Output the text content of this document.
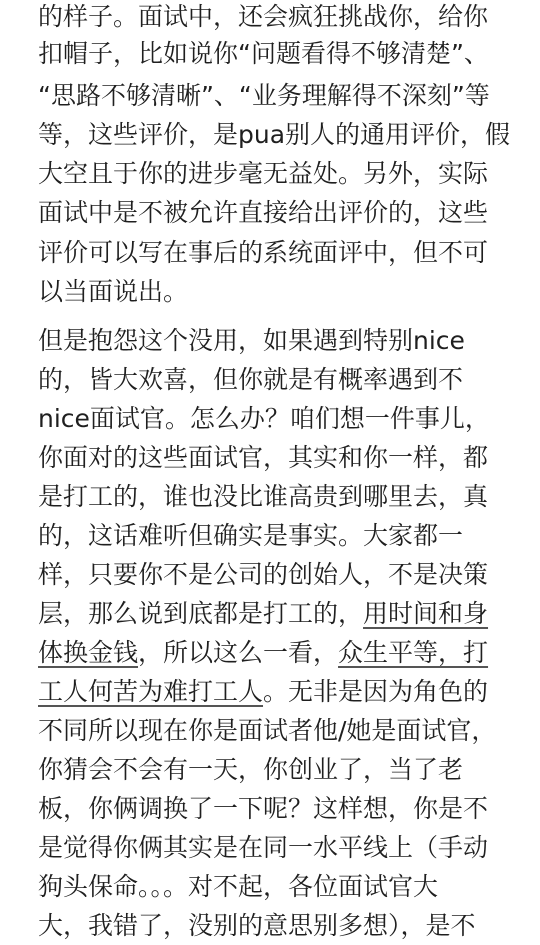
的样子。面试中，还会疯狂挑战你，给你
扣帽子，比如说你“问题看得不够清楚”、
“思路不够清晰”、“业务理解得不深刻”等
等，这些评价，是pua别人的通用评价，假
大空且于你的进步毫无益处。另外，实际
面试中是不被允许直接给出评价的，这些
评价可以写在事后的系统面评中，但不可
以当面说出。
但是抱怨这个没用，如果遇到特别nice
的，皆大欢喜，但你就是有概率遇到不
nice面试官。怎么办？咱们想一件事儿，
你面对的这些面试官，其实和你一样，都
是打工的，谁也没比谁高贵到哪里去，真
的，这话难听但确实是事实。大家都一
样，只要你不是公司的创始人，不是决策
层，那么说到底都是打工的，用时间和身
体换金钱，所以这么一看，众生平等，打
工人何苦为难打工人。无非是因为角色的
不同所以现在你是面试者他/她是面试官，
你猜会不会有一天，你创业了，当了老
板，你俩调换了一下呢？这样想，你是不
是觉得你俩其实是在同一水平线上（手动
狗头保命。。。对不起，各位面试官大
大，我错了，没别的意思别多想），是不
